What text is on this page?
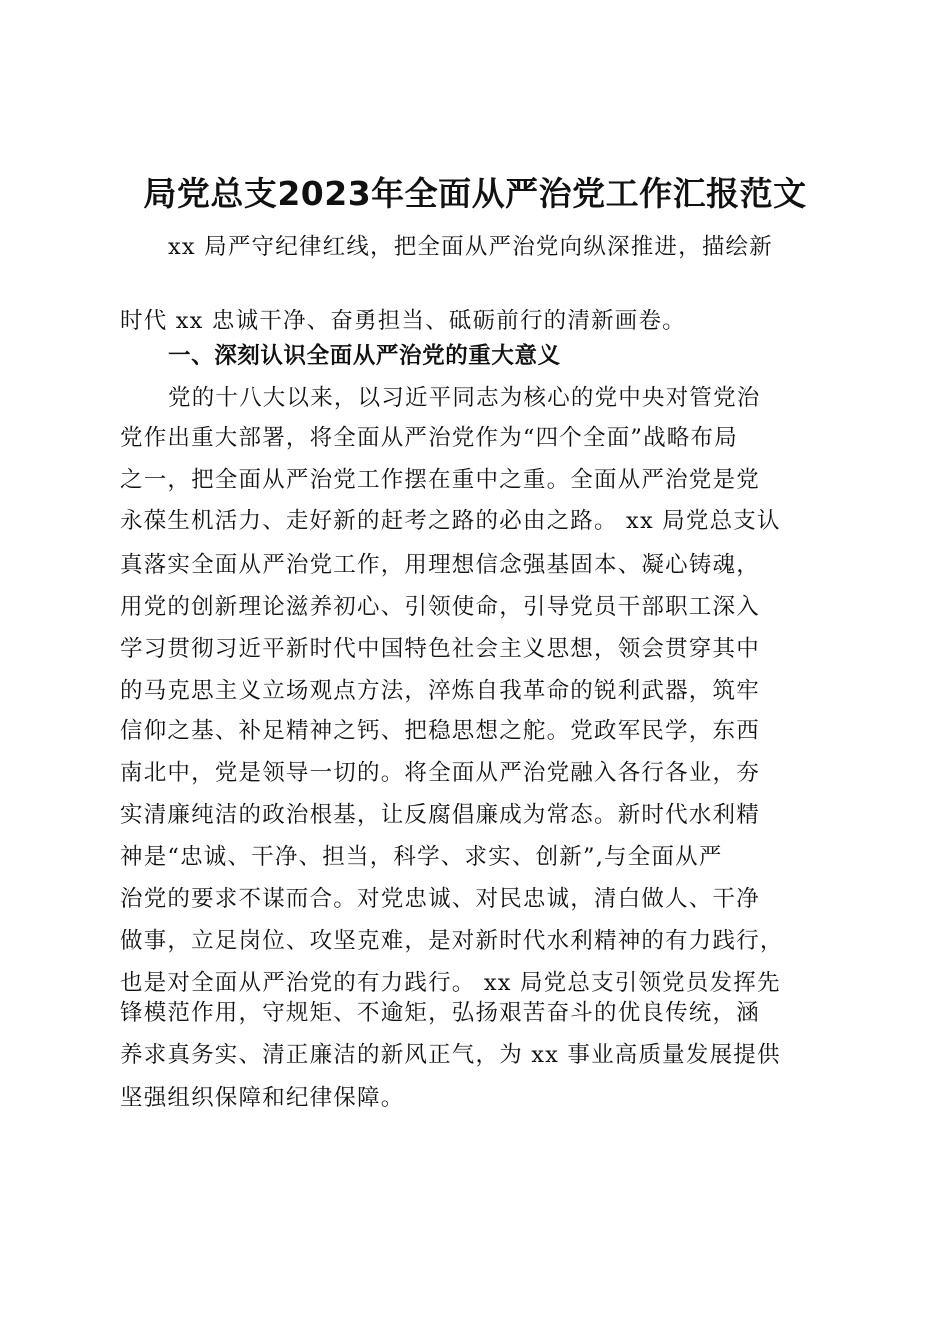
局党总支2023年全面从严治党工作汇报范文
xx 局严守纪律红线，把全面从严治党向纵深推进，描绘新
时代 xx 忠诚干净、奋勇担当、砥砺前行的清新画卷。
一、深刻认识全面从严治党的重大意义
党的十八大以来，以习近平同志为核心的党中央对管党治
党作出重大部署，将全面从严治党作为“四个全面”战略布局
之一，把全面从严治党工作摆在重中之重。全面从严治党是党
永葆生机活力、走好新的赶考之路的必由之路。 xx 局党总支认
真落实全面从严治党工作，用理想信念强基固本、凝心铸魂，
用党的创新理论滋养初心、引领使命，引导党员干部职工深入
学习贯彻习近平新时代中国特色社会主义思想，领会贯穿其中
的马克思主义立场观点方法，淬炼自我革命的锐利武器，筑牢
信仰之基、补足精神之钙、把稳思想之舵。党政军民学，东西
南北中，党是领导一切的。将全面从严治党融入各行各业，夯
实清廉纯洁的政治根基，让反腐倡廉成为常态。新时代水利精
神是“忠诚、干净、担当，科学、求实、创新”,与全面从严
治党的要求不谋而合。对党忠诚、对民忠诚，清白做人、干净
做事，立足岗位、攻坚克难，是对新时代水利精神的有力践行，
也是对全面从严治党的有力践行。 xx 局党总支引领党员发挥先
锋模范作用，守规矩、不逾矩，弘扬艰苦奋斗的优良传统，涵
养求真务实、清正廉洁的新风正气，为 xx 事业高质量发展提供
坚强组织保障和纪律保障。
